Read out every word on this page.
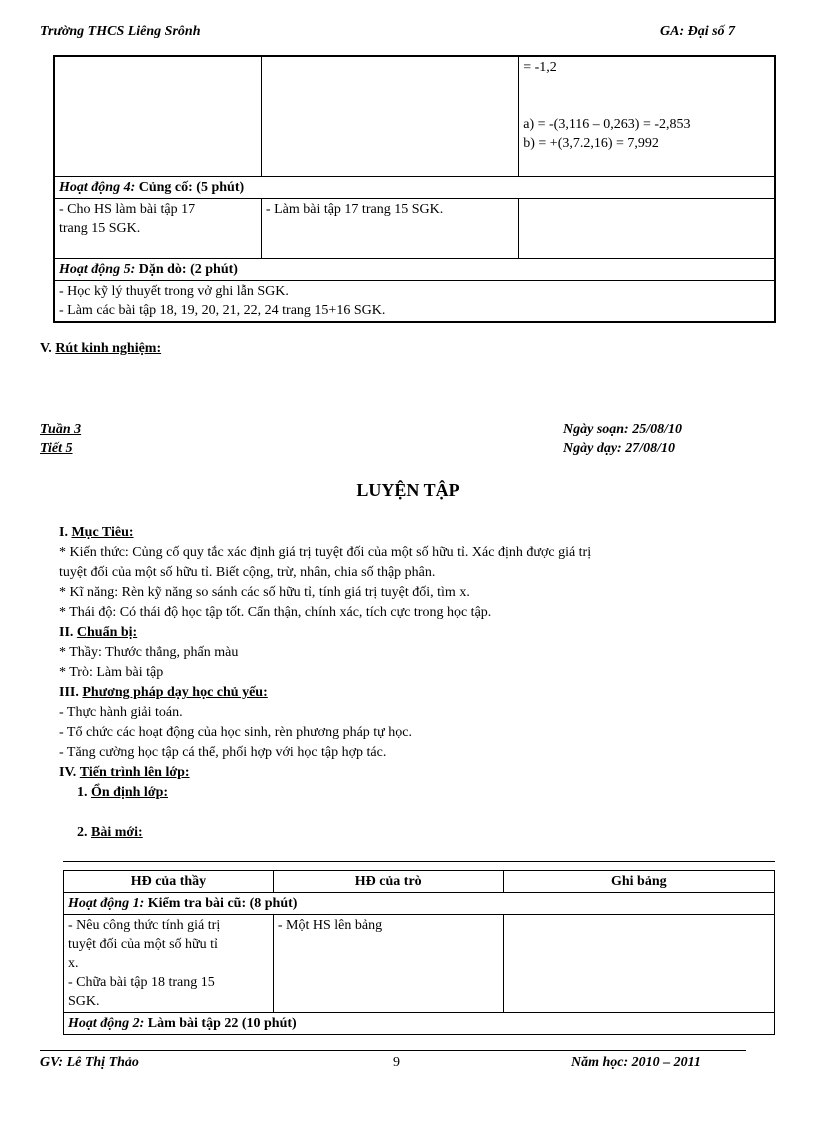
Trường THCS Liêng Srônh	GA: Đại số 7

		= -1,2
a) = -(3,116 – 0,263) = -2,853
b) = +(3,7.2,16) = 7,992

Hoạt động 4: Củng cố: (5 phút)		

- Cho HS làm bài tập 17
trang 15 SGK.	- Làm bài tập 17 trang 15 SGK.	

Hoạt động 5: Dặn dò: (2 phút)		

- Học kỹ lý thuyết trong vở ghi lẫn SGK.
- Làm các bài tập 18, 19, 20, 21, 22, 24 trang 15+16 SGK.		
V. Rút kinh nghiệm:
Tuần 3
Tiết 5
Ngày soạn: 25/08/10
Ngày dạy: 27/08/10
LUYỆN TẬP
I. Mục Tiêu:
* Kiến thức: Củng cố quy tắc xác định giá trị tuyệt đối của một số hữu tỉ. Xác định được giá trị
tuyệt đối của một số hữu tỉ. Biết cộng, trừ, nhân, chia số thập phân.
* Kĩ năng: Rèn kỹ năng so sánh các số hữu tỉ, tính giá trị tuyệt đối, tìm x.
* Thái độ: Có thái độ học tập tốt. Cẩn thận, chính xác, tích cực trong học tập.
II. Chuẩn bị:
* Thầy: Thước thẳng, phấn màu
* Trò: Làm bài tập
III. Phương pháp dạy học chủ yếu:
- Thực hành giải toán.
- Tổ chức các hoạt động của học sinh, rèn phương pháp tự học.
- Tăng cường học tập cá thể, phối hợp với học tập hợp tác.
IV. Tiến trình lên lớp:
1. Ổn định lớp:
2. Bài mới:
HĐ của thầy	HĐ của trò	Ghi bảng
Hoạt động 1: Kiểm tra bài cũ: (8 phút)		

- Nêu công thức tính giá trị
tuyệt đối của một số hữu tỉ
x.
- Chữa bài tập 18 trang 15
SGK.	- Một HS lên bảng	

Hoạt động 2: Làm bài tập 22 (10 phút)		
GV: Lê Thị Thảo	9	Năm học: 2010 – 2011
